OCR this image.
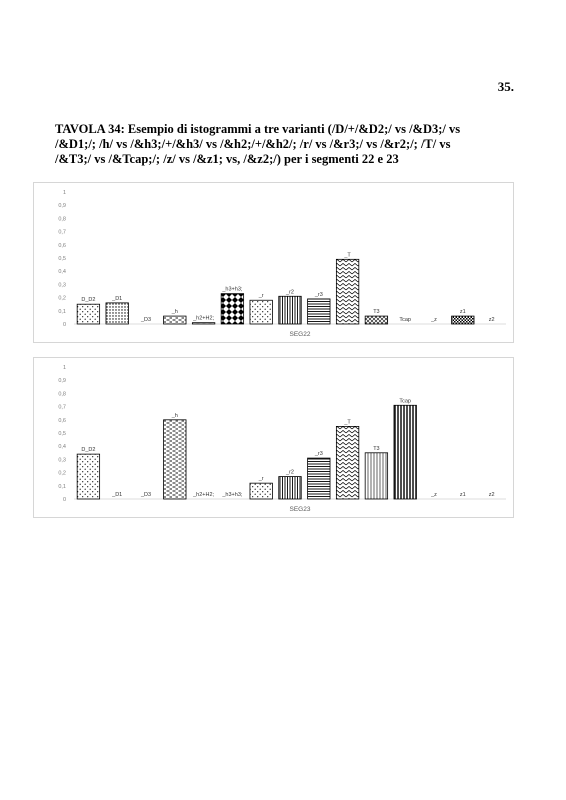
35.
TAVOLA 34: Esempio di istogrammi a tre varianti (/D/+/&D2;/ vs /&D3;/ vs
/&D1;/; /h/ vs /&h3;/+/&h3/ vs /&h2;/+/&h2/; /r/ vs /&r3;/ vs /&r2;/; /T/ vs
/&T3;/ vs /&Tcap;/; /z/ vs /&z1; vs, /&z2;/) per i segmenti 22 e 23
0
0,1
0,2
0,3
0,4
0,5
0,6
0,7
0,8
0,9
1
D_D2	_D1
_D3
_h
_h2+H2;
_h3+h3;
_r
_r2	_r3
_T
T3
Tcap	_z
z1
z2
SEG22
0
0,1
0,2
0,3
0,4
0,5
0,6
0,7
0,8
0,9
1
D_D2
_D1	_D3
_h
_h2+H2; _h3+h3;
_r
_r2
_r3
_T
T3
Tcap
_z	z1	z2
SEG23
